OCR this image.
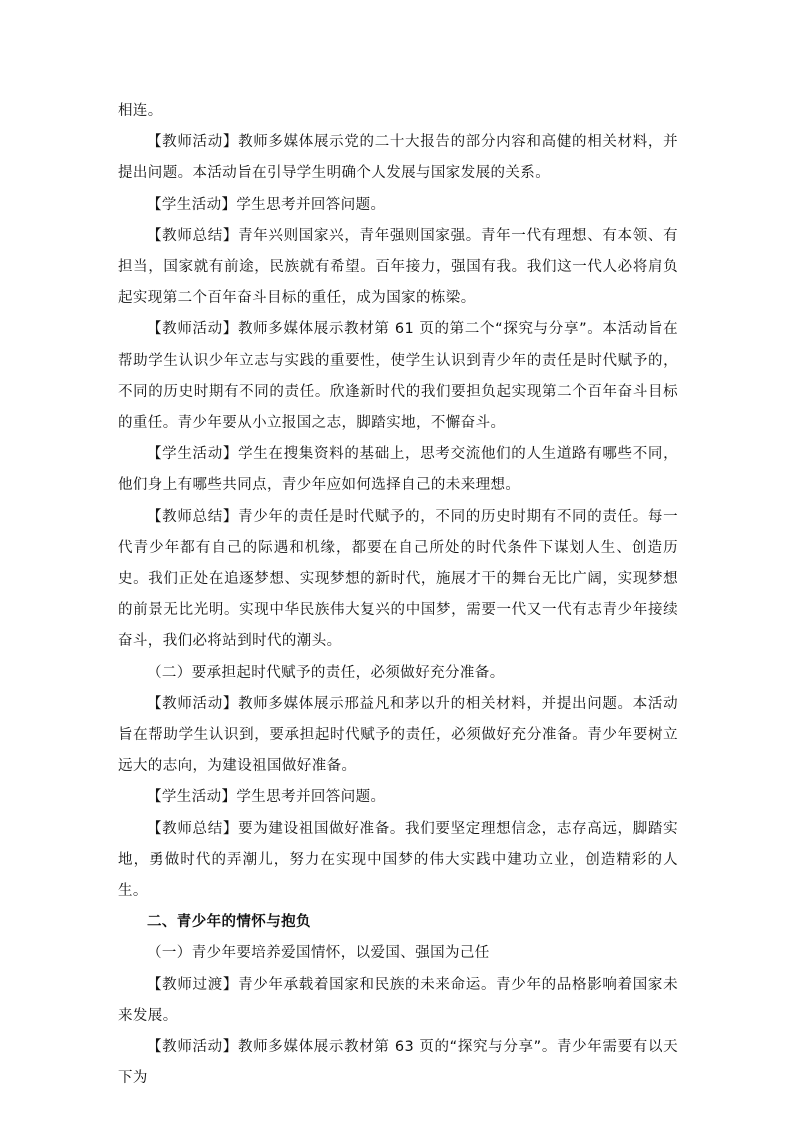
相连。

【教师活动】教师多媒体展示党的二十大报告的部分内容和高健的相关材料，并提出问题。本活动旨在引导学生明确个人发展与国家发展的关系。

【学生活动】学生思考并回答问题。

【教师总结】青年兴则国家兴，青年强则国家强。青年一代有理想、有本领、有担当，国家就有前途，民族就有希望。百年接力，强国有我。我们这一代人必将肩负起实现第二个百年奋斗目标的重任，成为国家的栋梁。

【教师活动】教师多媒体展示教材第 61 页的第二个“探究与分享”。本活动旨在帮助学生认识少年立志与实践的重要性，使学生认识到青少年的责任是时代赋予的，不同的历史时期有不同的责任。欣逢新时代的我们要担负起实现第二个百年奋斗目标的重任。青少年要从小立报国之志，脚踏实地，不懈奋斗。

【学生活动】学生在搜集资料的基础上，思考交流他们的人生道路有哪些不同，他们身上有哪些共同点，青少年应如何选择自己的未来理想。

【教师总结】青少年的责任是时代赋予的，不同的历史时期有不同的责任。每一代青少年都有自己的际遇和机缘，都要在自己所处的时代条件下谋划人生、创造历史。我们正处在追逐梦想、实现梦想的新时代，施展才干的舞台无比广阔，实现梦想的前景无比光明。实现中华民族伟大复兴的中国梦，需要一代又一代有志青少年接续奋斗，我们必将站到时代的潮头。

（二）要承担起时代赋予的责任，必须做好充分准备。

【教师活动】教师多媒体展示邢益凡和茅以升的相关材料，并提出问题。本活动旨在帮助学生认识到，要承担起时代赋予的责任，必须做好充分准备。青少年要树立远大的志向，为建设祖国做好准备。

【学生活动】学生思考并回答问题。

【教师总结】要为建设祖国做好准备。我们要坚定理想信念，志存高远，脚踏实地，勇做时代的弄潮儿，努力在实现中国梦的伟大实践中建功立业，创造精彩的人生。

二、青少年的情怀与抱负

（一）青少年要培养爱国情怀，以爱国、强国为己任

【教师过渡】青少年承载着国家和民族的未来命运。青少年的品格影响着国家未来发展。

【教师活动】教师多媒体展示教材第 63 页的“探究与分享”。青少年需要有以天下为
